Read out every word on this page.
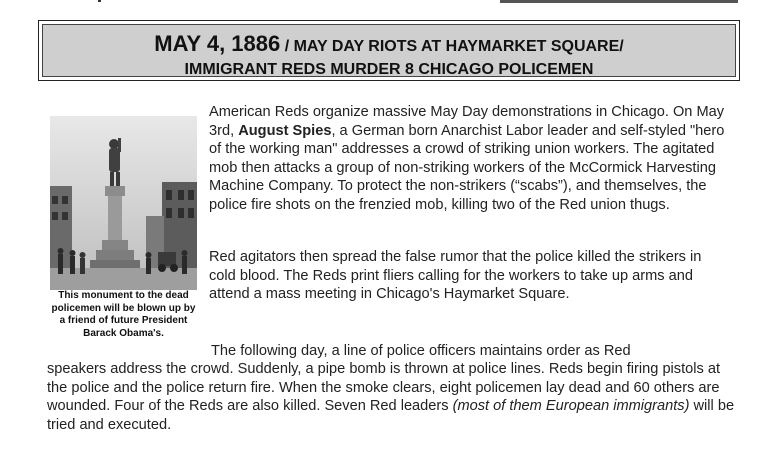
MAY 4, 1886 / MAY DAY RIOTS AT HAYMARKET SQUARE/
IMMIGRANT REDS MURDER 8 CHICAGO POLICEMEN
This monument to the dead policemen will be blown up by a friend of future President Barack Obama's.
American Reds organize massive May Day demonstrations in Chicago. On May 3rd, August Spies, a German born Anarchist Labor leader and self-styled "hero of the working man" addresses a crowd of striking union workers. The agitated mob then attacks a group of non-striking workers of the McCormick Harvesting Machine Company. To protect the non-strikers (“scabs”), and themselves, the police fire shots on the frenzied mob, killing two of the Red union thugs.
Red agitators then spread the false rumor that the police killed the strikers in cold blood. The Reds print fliers calling for the workers to take up arms and attend a mass meeting in Chicago's Haymarket Square.
The following day, a line of police officers maintains order as Red
speakers address the crowd. Suddenly, a pipe bomb is thrown at police lines. Reds begin firing pistols at the police and the police return fire. When the smoke clears, eight policemen lay dead and 60 others are wounded. Four of the Reds are also killed. Seven Red leaders (most of them European immigrants) will be tried and executed.
